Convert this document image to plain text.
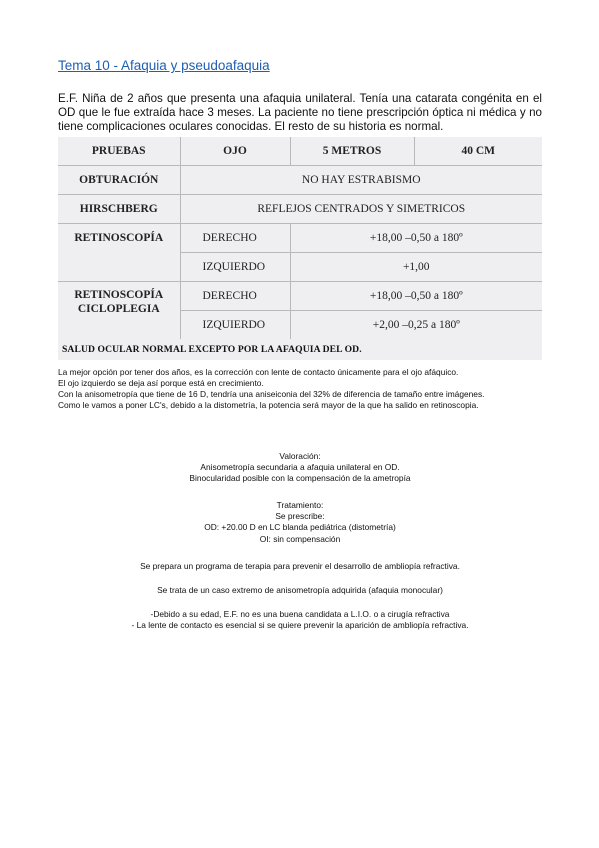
Tema 10 - Afaquia y pseudoafaquia
E.F. Niña de 2 años que presenta una afaquia unilateral. Tenía una catarata congénita en el OD que le fue extraída hace 3 meses. La paciente no tiene prescripción óptica ni médica y no tiene complicaciones oculares conocidas. El resto de su historia es normal.
PRUEBAS	OJO	5 METROS	40 CM
OBTURACIÓN	NO HAY ESTRABISMO		
HIRSCHBERG	REFLEJOS CENTRADOS Y SIMETRICOS		
RETINOSCOPÍA	DERECHO	+18,00 –0,50 a 180º	
	IZQUIERDO	+1,00	

RETINOSCOPÍA
CICLOPLEGIA	DERECHO	+18,00 –0,50 a 180º	
	IZQUIERDO	+2,00 –0,25 a 180º	
SALUD OCULAR NORMAL EXCEPTO POR LA AFAQUIA DEL OD.

La mejor opción por tener dos años, es la corrección con lente de contacto únicamente para el ojo afáquico.

El ojo izquierdo se deja así porque está en crecimiento.

Con la anisometropía que tiene de 16 D, tendría una aniseiconia del 32% de diferencia de tamaño entre imágenes.

Como le vamos a poner LC's, debido a la distometría, la potencia será mayor de la que ha salido en retinoscopia.

Valoración:

Anisometropía secundaria a afaquia unilateral en OD.

Binocularidad posible con la compensación de la ametropía

Tratamiento:

Se prescribe:

OD: +20.00 D en LC blanda pediátrica (distometría)

OI: sin compensación

Se prepara un programa de terapia para prevenir el desarrollo de ambliopía refractiva.

Se trata de un caso extremo de anisometropía adquirida (afaquia monocular)

-Debido a su edad, E.F. no es una buena candidata a L.I.O. o a cirugía refractiva

- La lente de contacto es esencial si se quiere prevenir la aparición de ambliopía refractiva.
